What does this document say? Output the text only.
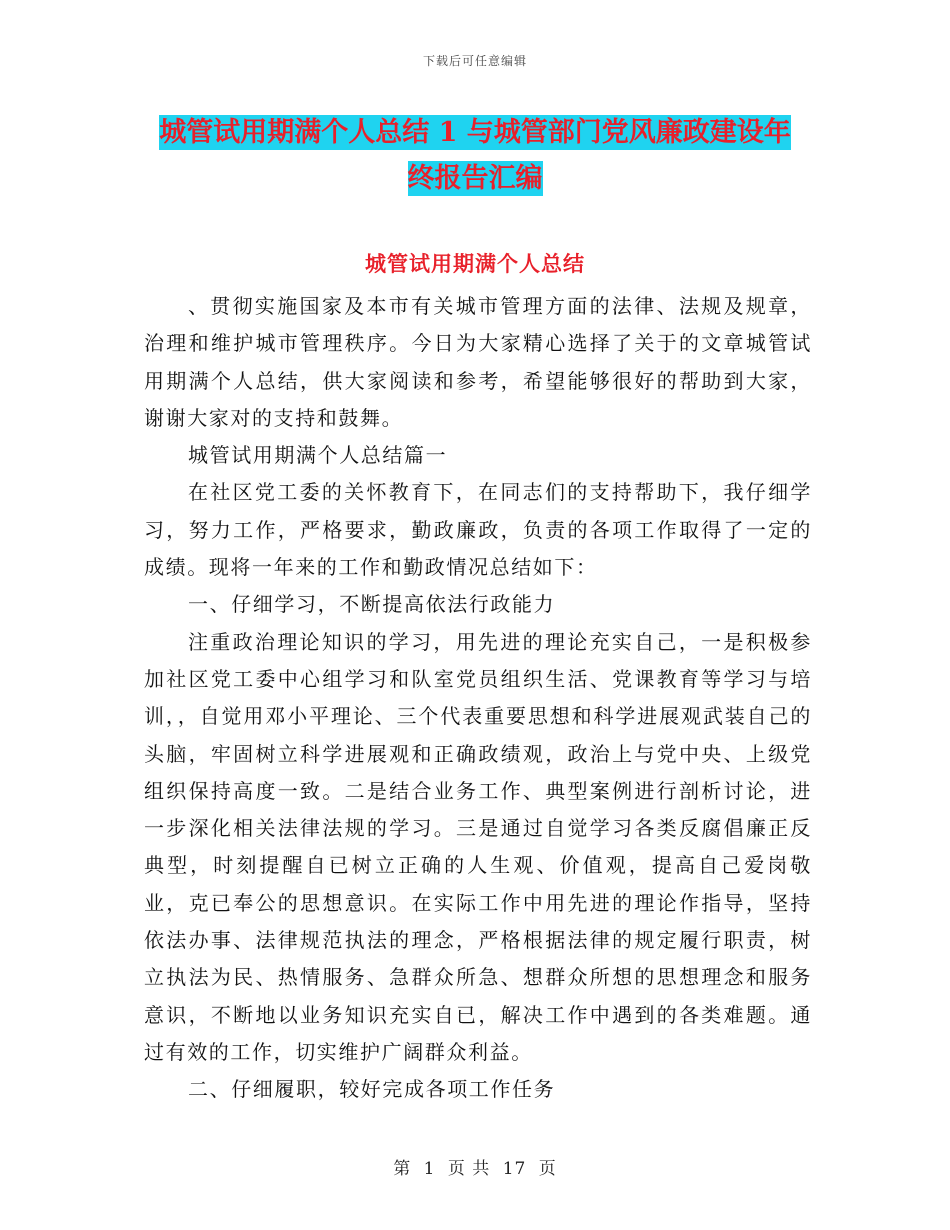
下载后可任意编辑
城管试用期满个人总结 1 与城管部门党风廉政建设年
终报告汇编
城管试用期满个人总结

、贯彻实施国家及本市有关城市管理方面的法律、法规及规章，治理和维护城市管理秩序。今日为大家精心选择了关于的文章城管试用期满个人总结，供大家阅读和参考，希望能够很好的帮助到大家，谢谢大家对的支持和鼓舞。

城管试用期满个人总结篇一

在社区党工委的关怀教育下，在同志们的支持帮助下，我仔细学习，努力工作，严格要求，勤政廉政，负责的各项工作取得了一定的成绩。现将一年来的工作和勤政情况总结如下：

一、仔细学习，不断提高依法行政能力

注重政治理论知识的学习，用先进的理论充实自己，一是积极参加社区党工委中心组学习和队室党员组织生活、党课教育等学习与培训，，自觉用邓小平理论、三个代表重要思想和科学进展观武装自己的头脑，牢固树立科学进展观和正确政绩观，政治上与党中央、上级党组织保持高度一致。二是结合业务工作、典型案例进行剖析讨论，进一步深化相关法律法规的学习。三是通过自觉学习各类反腐倡廉正反典型，时刻提醒自已树立正确的人生观、价值观，提高自己爱岗敬业，克已奉公的思想意识。在实际工作中用先进的理论作指导，坚持依法办事、法律规范执法的理念，严格根据法律的规定履行职责，树立执法为民、热情服务、急群众所急、想群众所想的思想理念和服务意识，不断地以业务知识充实自已，解决工作中遇到的各类难题。通过有效的工作，切实维护广阔群众利益。

二、仔细履职，较好完成各项工作任务

第 1 页 共 17 页
